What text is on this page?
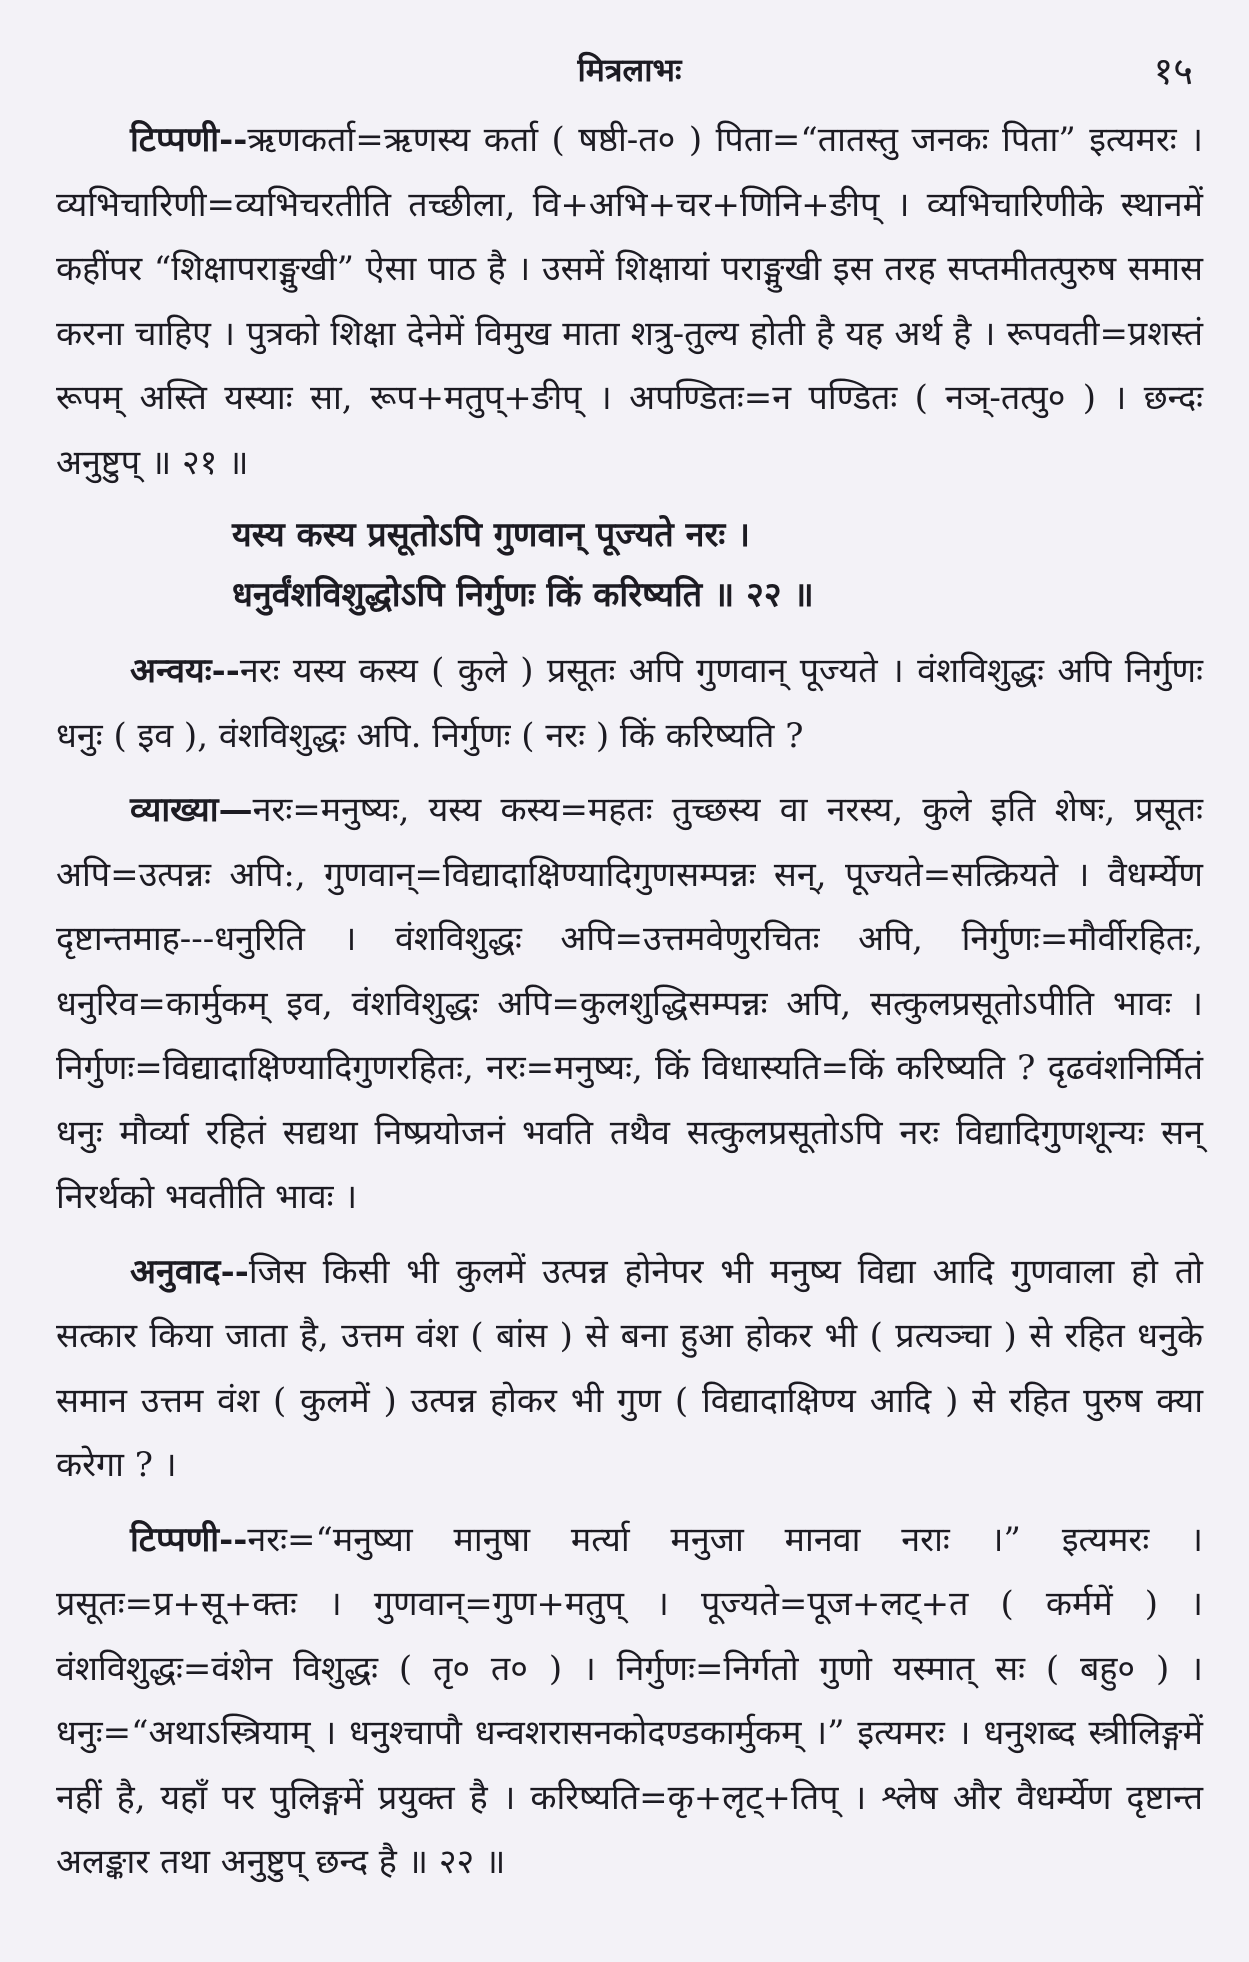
मित्रलाभः	१५

टिप्पणी--ऋणकर्ता=ऋणस्य कर्ता ( षष्ठी-त० ) पिता=“तातस्तु जनकः पिता” इत्यमरः । व्यभिचारिणी=व्यभिचरतीति तच्छीला, वि+अभि+चर+णिनि+ङीप् । व्यभिचारिणीके स्थानमें कहींपर “शिक्षापराङ्मुखी” ऐसा पाठ है । उसमें शिक्षायां पराङ्मुखी इस तरह सप्तमीतत्पुरुष समास करना चाहिए । पुत्रको शिक्षा देनेमें विमुख माता शत्रु-तुल्य होती है यह अर्थ है । रूपवती=प्रशस्तं रूपम् अस्ति यस्याः सा, रूप+मतुप्+ङीप् । अपण्डितः=न पण्डितः ( नञ्-तत्पु० ) । छन्दः अनुष्टुप् ॥ २१ ॥

यस्य कस्य प्रसूतोऽपि गुणवान् पूज्यते नरः ।
धनुर्वंशविशुद्धोऽपि निर्गुणः किं करिष्यति ॥ २२ ॥

अन्वयः--नरः यस्य कस्य ( कुले ) प्रसूतः अपि गुणवान् पूज्यते । वंशविशुद्धः अपि निर्गुणः धनुः ( इव ), वंशविशुद्धः अपि. निर्गुणः ( नरः ) किं करिष्यति ?

व्याख्या—नरः=मनुष्यः, यस्य कस्य=महतः तुच्छस्य वा नरस्य, कुले इति शेषः, प्रसूतः अपि=उत्पन्नः अपि:, गुणवान्=विद्यादाक्षिण्यादिगुणसम्पन्नः सन्, पूज्यते=सत्क्रियते । वैधर्म्येण दृष्टान्तमाह---धनुरिति । वंशविशुद्धः अपि=उत्तमवेणुरचितः अपि, निर्गुणः=मौर्वीरहितः, धनुरिव=कार्मुकम् इव, वंशविशुद्धः अपि=कुलशुद्धिसम्पन्नः अपि, सत्कुलप्रसूतोऽपीति भावः । निर्गुणः=विद्यादाक्षिण्यादिगुणरहितः, नरः=मनुष्यः, किं विधास्यति=किं करिष्यति ? दृढवंशनिर्मितं धनुः मौर्व्या रहितं सद्यथा निष्प्रयोजनं भवति तथैव सत्कुलप्रसूतोऽपि नरः विद्यादिगुणशून्यः सन् निरर्थको भवतीति भावः ।

अनुवाद--जिस किसी भी कुलमें उत्पन्न होनेपर भी मनुष्य विद्या आदि गुणवाला हो तो सत्कार किया जाता है, उत्तम वंश ( बांस ) से बना हुआ होकर भी ( प्रत्यञ्चा ) से रहित धनुके समान उत्तम वंश ( कुलमें ) उत्पन्न होकर भी गुण ( विद्यादाक्षिण्य आदि ) से रहित पुरुष क्या करेगा ? ।

टिप्पणी--नरः=“मनुष्या मानुषा मर्त्या मनुजा मानवा नराः ।” इत्यमरः । प्रसूतः=प्र+सू+क्तः । गुणवान्=गुण+मतुप् । पूज्यते=पूज+लट्+त ( कर्ममें ) । वंशविशुद्धः=वंशेन विशुद्धः ( तृ० त० ) । निर्गुणः=निर्गतो गुणो यस्मात् सः ( बहु० ) । धनुः=“अथाऽस्त्रियाम् । धनुश्चापौ धन्वशरासनकोदण्डकार्मुकम् ।” इत्यमरः । धनुशब्द स्त्रीलिङ्गमें नहीं है, यहाँ पर पुलिङ्गमें प्रयुक्त है । करिष्यति=कृ+लृट्+तिप् । श्लेष और वैधर्म्येण दृष्टान्त अलङ्कार तथा अनुष्टुप् छन्द है ॥ २२ ॥
